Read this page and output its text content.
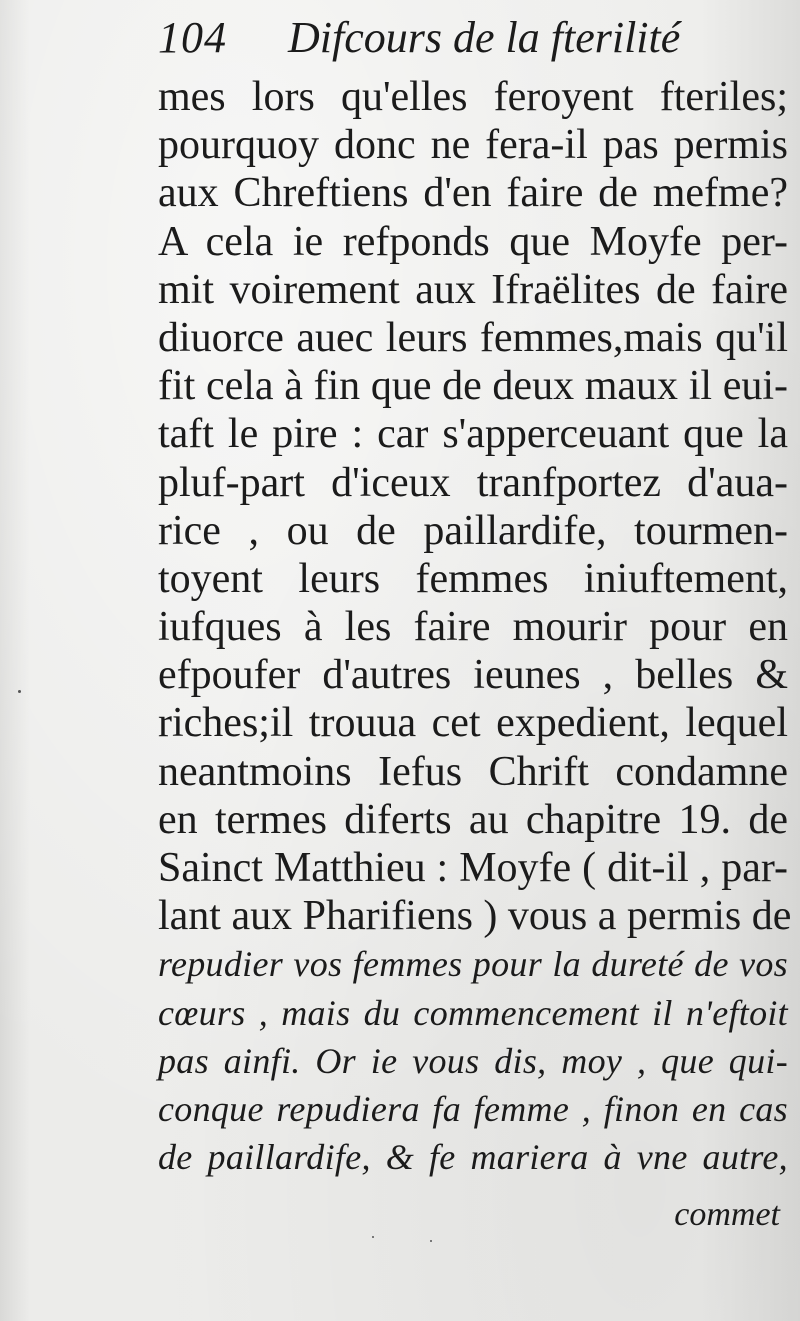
104 Difcours de la fterilité
mes lors qu'elles feroyent fteriles;
pourquoy donc ne fera-il pas permis
aux Chreftiens d'en faire de mefme?
A cela ie refponds que Moyfe per-
mit voirement aux Ifraëlites de faire
diuorce auec leurs femmes,mais qu'il
fit cela à fin que de deux maux il eui-
taft le pire : car s'apperceuant que la
pluf-part d'iceux tranfportez d'aua-
rice , ou de paillardife, tourmen-
toyent leurs femmes iniuftement,
iufques à les faire mourir pour en
efpoufer d'autres ieunes , belles &
riches;il trouua cet expedient, lequel
neantmoins Iefus Chrift condamne
en termes diferts au chapitre 19. de
Sainct Matthieu : Moyfe ( dit-il , par-
lant aux Pharifiens ) vous a permis de
repudier vos femmes pour la dureté de vos
cœurs , mais du commencement il n'eftoit
pas ainfi. Or ie vous dis, moy , que qui-
conque repudiera fa femme , finon en cas
de paillardife, & fe mariera à vne autre,
commet
